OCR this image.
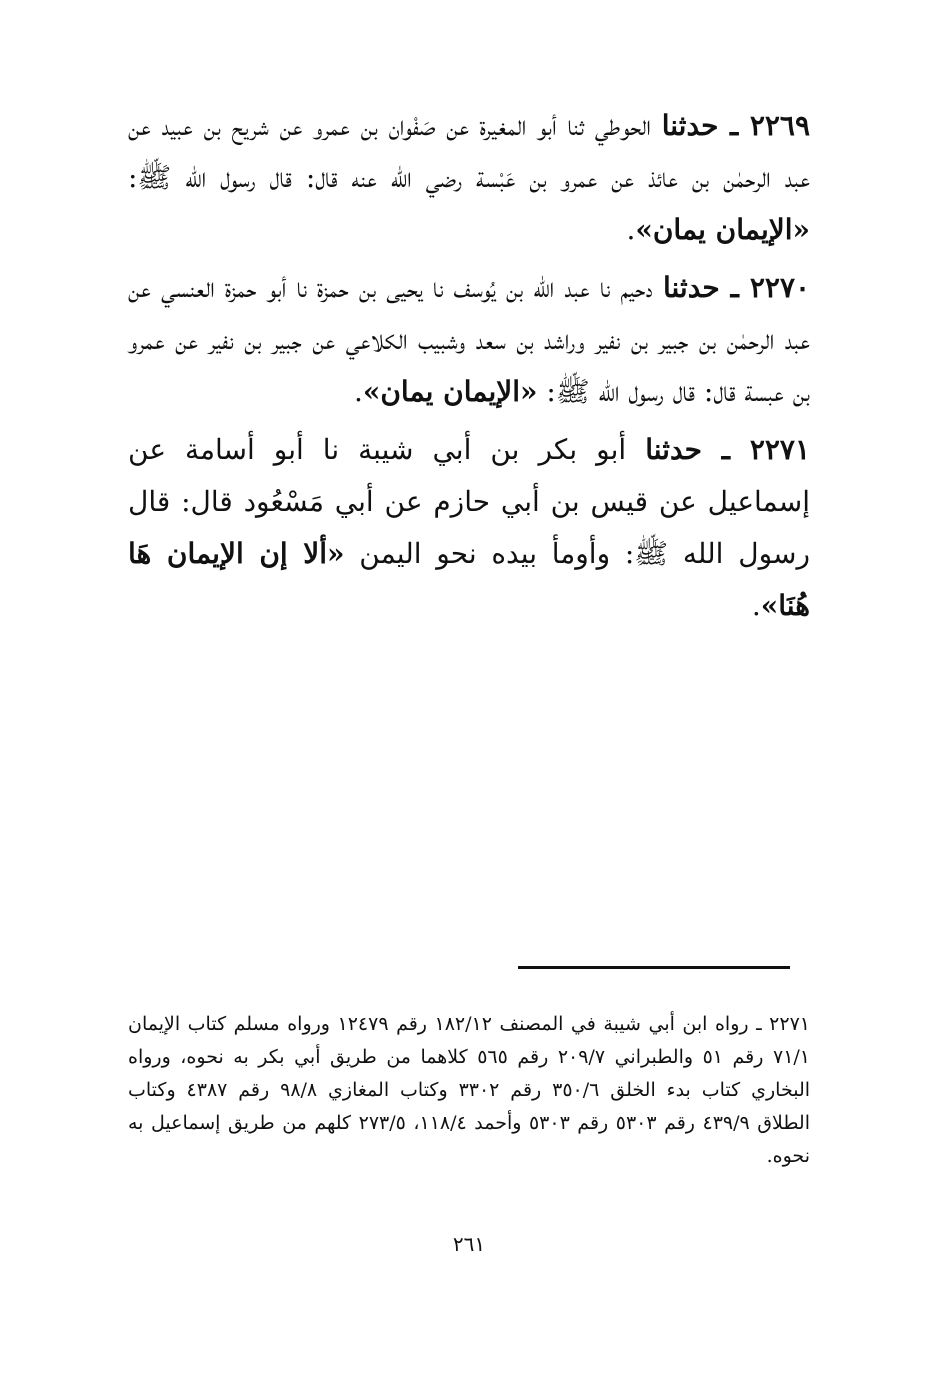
٢٢٦٩ ـ حدثنا الحوطي ثنا أبو المغيرة عن صَفْوان بن عمرو عن شريح بن عبيد عن عبد الرحمٰن بن عائذ عن عمرو بن عَبْسة رضي الله عنه قال: قال رسول الله ﷺ: «الإيمان يمان».

٢٢٧٠ ـ حدثنا دحيم نا عبد الله بن يُوسف نا يحيى بن حمزة نا أبو حمزة العنسي عن عبد الرحمٰن بن جبير بن نفير وراشد بن سعد وشبيب الكلاعي عن جبير بن نفير عن عمرو بن عبسة قال: قال رسول الله ﷺ: «الإيمان يمان».

٢٢٧١ ـ حدثنا أبو بكر بن أبي شيبة نا أبو أسامة عن إسماعيل عن قيس بن أبي حازم عن أبي مَسْعُود قال: قال رسول الله ﷺ: وأومأ بيده نحو اليمن «ألا إن الإيمان هَا هُنَا».

٢٢٧١ ـ رواه ابن أبي شيبة في المصنف ١٨٢/١٢ رقم ١٢٤٧٩ ورواه مسلم كتاب الإيمان ٧١/١ رقم ٥١ والطبراني ٢٠٩/٧ رقم ٥٦٥ كلاهما من طريق أبي بكر به نحوه، ورواه البخاري كتاب بدء الخلق ٣٥٠/٦ رقم ٣٣٠٢ وكتاب المغازي ٩٨/٨ رقم ٤٣٨٧ وكتاب الطلاق ٤٣٩/٩ رقم ٥٣٠٣ رقم ٥٣٠٣ وأحمد ١١٨/٤، ٢٧٣/٥ كلهم من طريق إسماعيل به نحوه.
٢٦١
